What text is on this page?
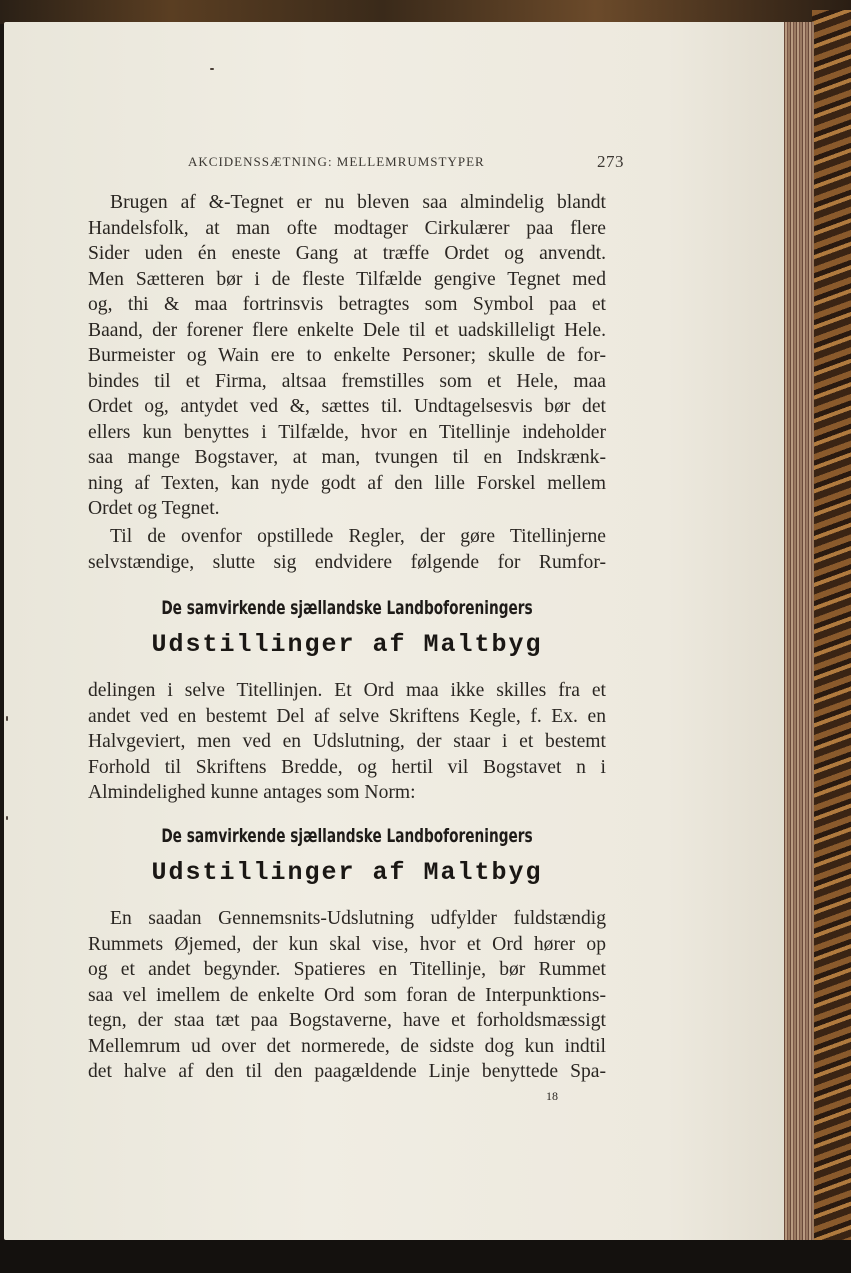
AKCIDENSSÆTNING: MELLEMRUMSTYPER	273
Brugen af &-Tegnet er nu bleven saa almindelig blandt
Handelsfolk, at man ofte modtager Cirkulærer paa flere
Sider uden én eneste Gang at træffe Ordet og anvendt.
Men Sætteren bør i de fleste Tilfælde gengive Tegnet med
og, thi & maa fortrinsvis betragtes som Symbol paa et
Baand, der forener flere enkelte Dele til et uadskilleligt Hele.
Burmeister og Wain ere to enkelte Personer; skulle de for-
bindes til et Firma, altsaa fremstilles som et Hele, maa
Ordet og, antydet ved &, sættes til. Undtagelsesvis bør det
ellers kun benyttes i Tilfælde, hvor en Titellinje indeholder
saa mange Bogstaver, at man, tvungen til en Indskrænk-
ning af Texten, kan nyde godt af den lille Forskel mellem
Ordet og Tegnet.
Til de ovenfor opstillede Regler, der gøre Titellinjerne
selvstændige, slutte sig endvidere følgende for Rumfor-
De samvirkende sjællandske Landboforeningers
Udstillinger af Maltbyg
delingen i selve Titellinjen. Et Ord maa ikke skilles fra et
andet ved en bestemt Del af selve Skriftens Kegle, f. Ex. en
Halvgeviert, men ved en Udslutning, der staar i et bestemt
Forhold til Skriftens Bredde, og hertil vil Bogstavet n i
Almindelighed kunne antages som Norm:
De samvirkende sjællandske Landboforeningers
Udstillinger af Maltbyg
En saadan Gennemsnits-Udslutning udfylder fuldstændig
Rummets Øjemed, der kun skal vise, hvor et Ord hører op
og et andet begynder. Spatieres en Titellinje, bør Rummet
saa vel imellem de enkelte Ord som foran de Interpunktions-
tegn, der staa tæt paa Bogstaverne, have et forholdsmæssigt
Mellemrum ud over det normerede, de sidste dog kun indtil
det halve af den til den paagældende Linje benyttede Spa-
18
